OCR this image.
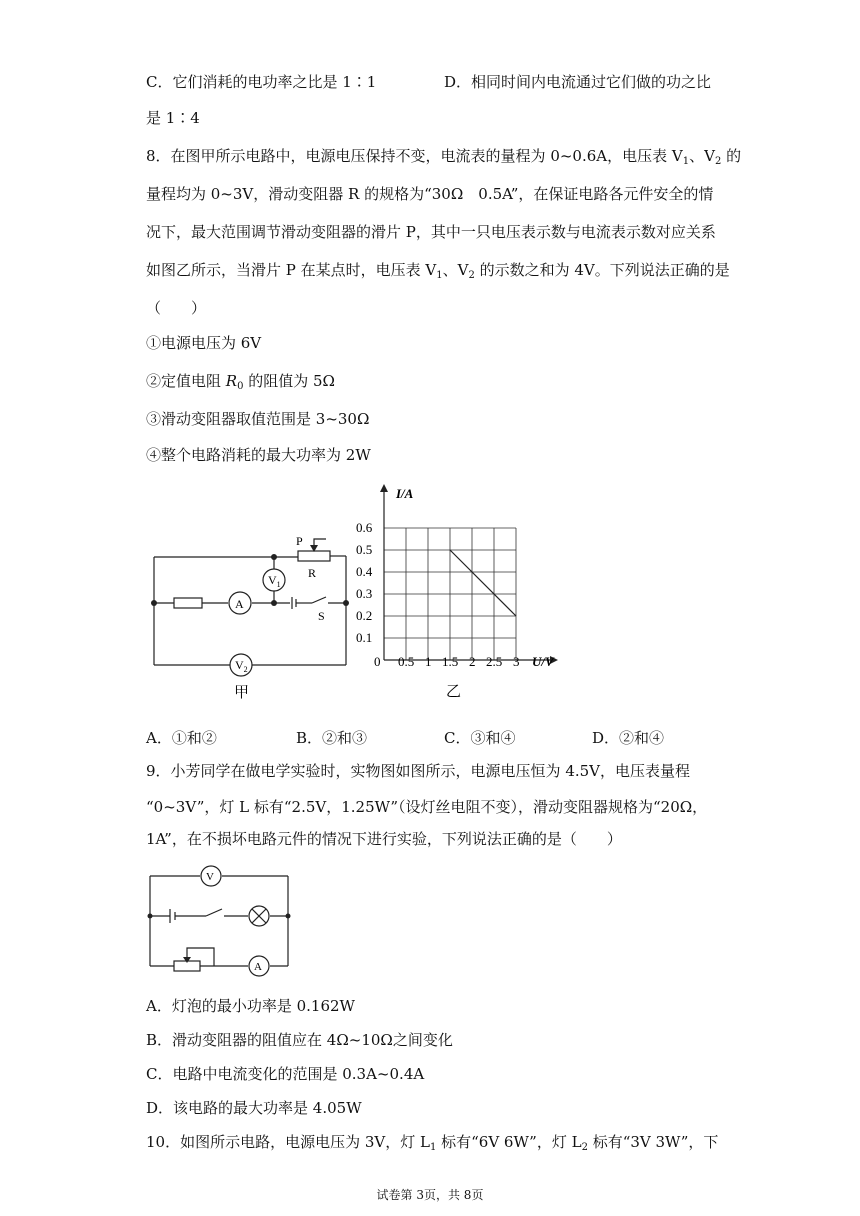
C．它们消耗的电功率之比是 1∶1	D．相同时间内电流通过它们做的功之比
是 1∶4
8．在图甲所示电路中，电源电压保持不变，电流表的量程为 0~0.6A，电压表 $V_1$、$V_2$ 的
量程均为 0~3V，滑动变阻器 R 的规格为“30Ω　0.5A”，在保证电路各元件安全的情
况下，最大范围调节滑动变阻器的滑片 P，其中一只电压表示数与电流表示数对应关系
如图乙所示，当滑片 P 在某点时，电压表 $V_1$、$V_2$ 的示数之和为 4V。下列说法正确的是
（　　）
①电源电压为 6V
②定值电阻 $R_0$ 的阻值为 5Ω
③滑动变阻器取值范围是 3~30Ω
④整个电路消耗的最大功率为 2W
$V_1$
A
$V_2$
P
R
S
甲
0.5 1 1.5 2 2.5 3
0.1
0.2
0.3
0.4
0.5
0.6
0
I/A
U/V
乙
A．①和②	B．②和③	C．③和④	D．②和④
9．小芳同学在做电学实验时，实物图如图所示，电源电压恒为 4.5V，电压表量程
“0~3V”，灯 L 标有“2.5V，1.25W”（设灯丝电阻不变），滑动变阻器规格为“20Ω，
1A”，在不损坏电路元件的情况下进行实验，下列说法正确的是（　　）
V
A
A．灯泡的最小功率是 0.162W
B．滑动变阻器的阻值应在 4Ω~10Ω之间变化
C．电路中电流变化的范围是 0.3A~0.4A
D．该电路的最大功率是 4.05W
10．如图所示电路，电源电压为 3V，灯 $L_1$ 标有“6V 6W”，灯 $L_2$ 标有“3V 3W”，下
试卷第 3页，共 8页
